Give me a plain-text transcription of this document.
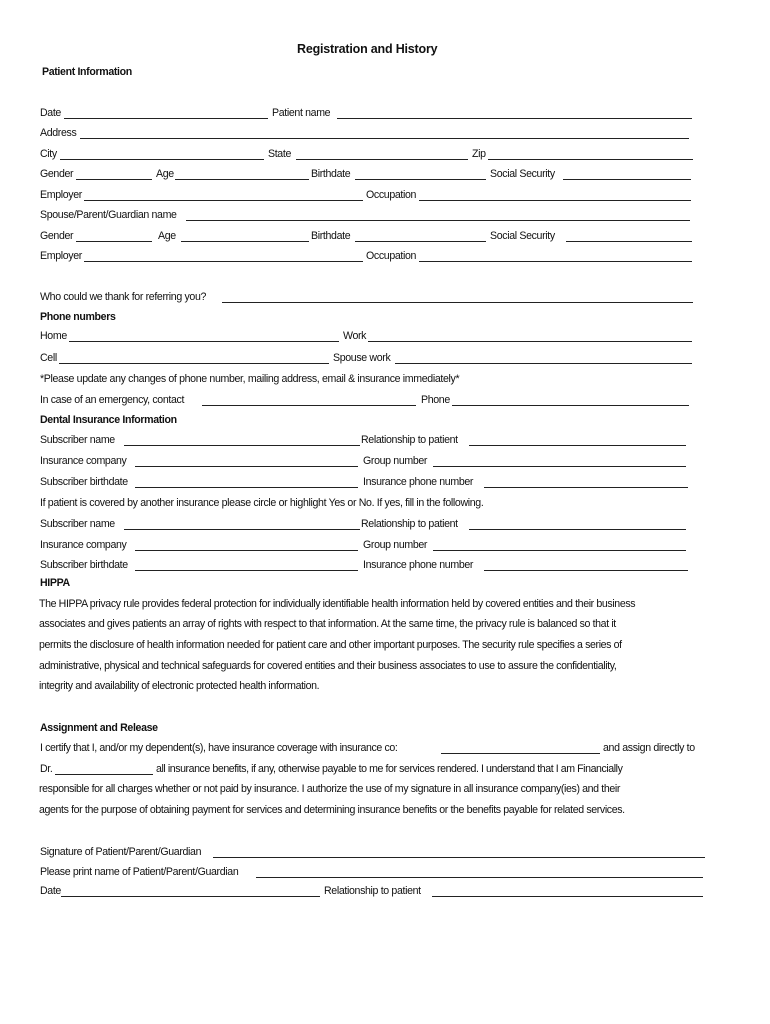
Registration and History
Patient Information
Date	Patient name
Address
City	State	Zip
Gender	Age	Birthdate	Social Security
Employer	Occupation
Spouse/Parent/Guardian name
Gender	Age	Birthdate	Social Security
Employer	Occupation
Who could we thank for referring you?
Phone numbers
Home	Work
Cell	Spouse work
*Please update any changes of phone number, mailing address, email & insurance immediately*
In case of an emergency, contact	Phone
Dental Insurance Information
Subscriber name	Relationship to patient
Insurance company	Group number
Subscriber birthdate	Insurance phone number
If patient is covered by another insurance please circle or highlight Yes or No. If yes, fill in the following.
Subscriber name	Relationship to patient
Insurance company	Group number
Subscriber birthdate	Insurance phone number
HIPPA
The HIPPA privacy rule provides federal protection for individually identifiable health information held by covered entities and their business
associates and gives patients an array of rights with respect to that information. At the same time, the privacy rule is balanced so that it
permits the disclosure of health information needed for patient care and other important purposes. The security rule specifies a series of
administrative, physical and technical safeguards for covered entities and their business associates to use to assure the confidentiality,
integrity and availability of electronic protected health information.
Assignment and Release
I certify that I, and/or my dependent(s), have insurance coverage with insurance co:	and assign directly to
Dr.	all insurance benefits, if any, otherwise payable to me for services rendered. I understand that I am Financially
responsible for all charges whether or not paid by insurance. I authorize the use of my signature in all insurance company(ies) and their
agents for the purpose of obtaining payment for services and determining insurance benefits or the benefits payable for related services.
Signature of Patient/Parent/Guardian
Please print name of Patient/Parent/Guardian
Date	Relationship to patient
